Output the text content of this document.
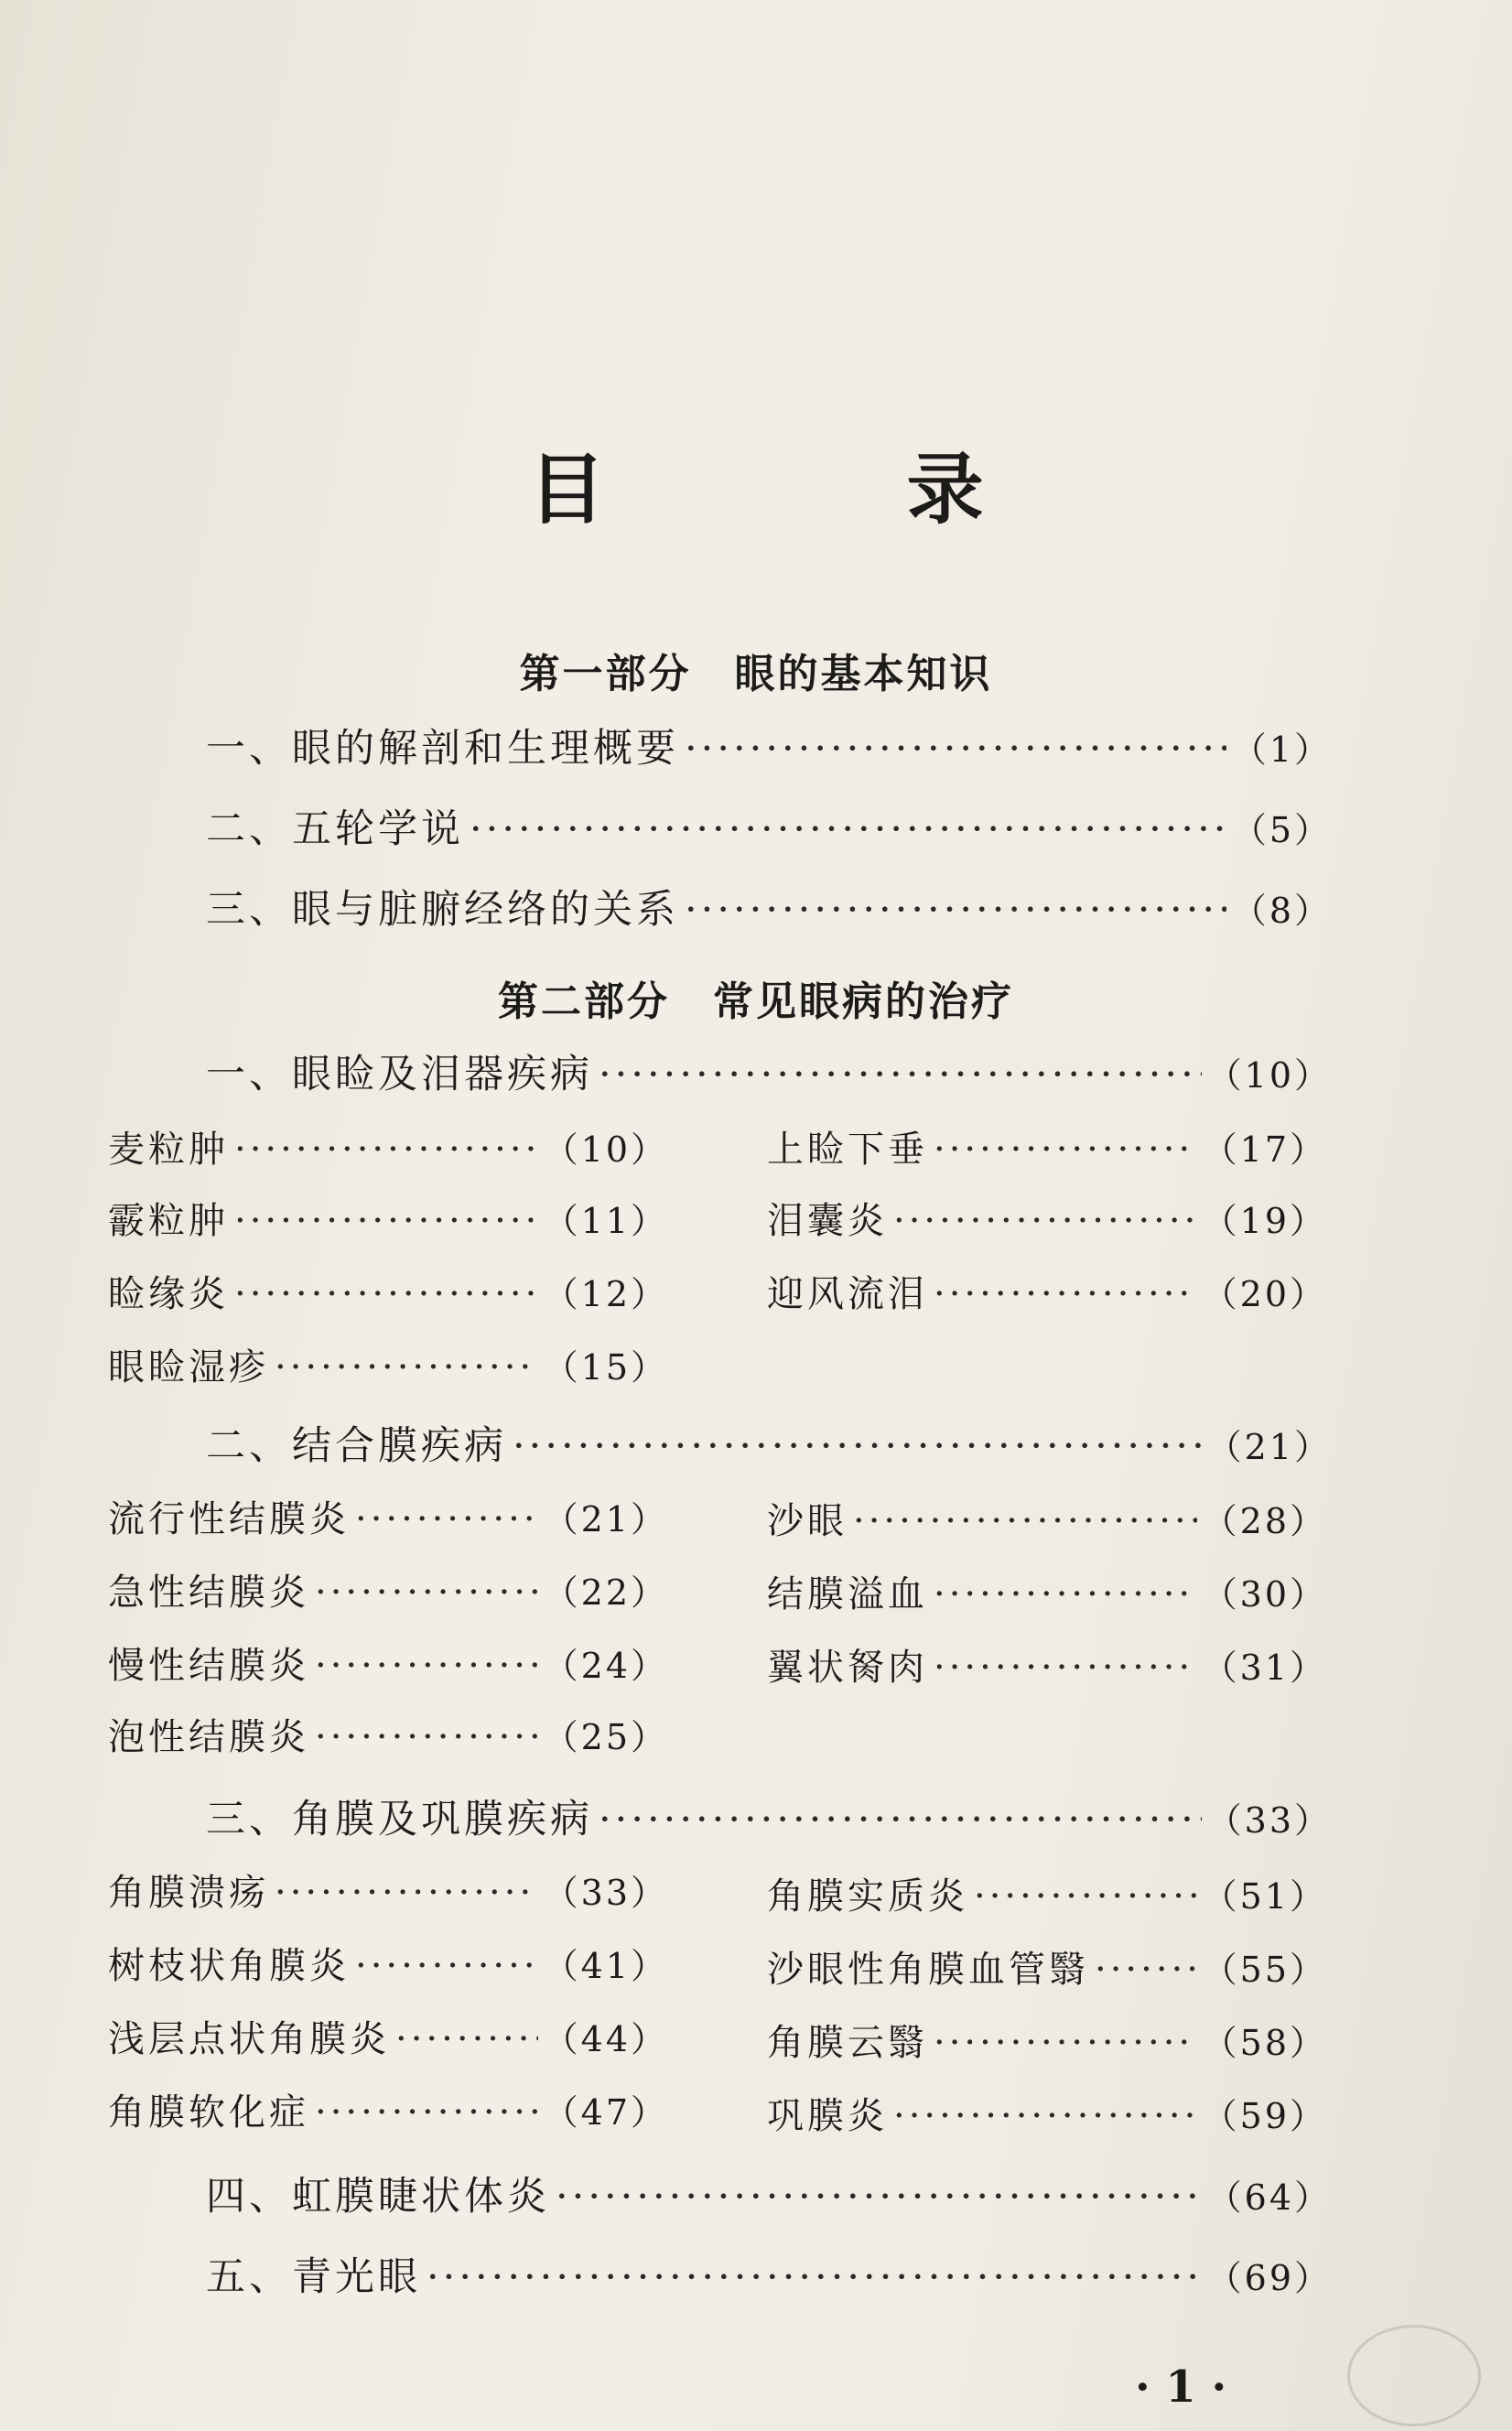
目 录
第一部分　眼的基本知识
一、眼的解剖和生理概要 ·····	（1）
二、五轮学说 ·····	（5）
三、眼与脏腑经络的关系 ·····	（8）
第二部分　常见眼病的治疗
一、眼睑及泪器疾病 ·····	（10）
麦粒肿 ·····	（10）
霰粒肿 ·····	（11）
睑缘炎 ·····	（12）
眼睑湿疹 ·····	（15）
上睑下垂 ·····	（17）
泪囊炎 ·····	（19）
迎风流泪 ·····	（20）
二、结合膜疾病 ·····	（21）
流行性结膜炎 ·····	（21）
急性结膜炎 ·····	（22）
慢性结膜炎 ·····	（24）
泡性结膜炎 ·····	（25）
沙眼 ·····	（28）
结膜溢血 ·····	（30）
翼状胬肉 ·····	（31）
三、角膜及巩膜疾病 ·····	（33）
角膜溃疡 ·····	（33）
树枝状角膜炎 ·····	（41）
浅层点状角膜炎 ·····	（44）
角膜软化症 ·····	（47）
角膜实质炎 ·····	（51）
沙眼性角膜血管翳 ·····	（55）
角膜云翳 ·····	（58）
巩膜炎 ·····	（59）
四、虹膜睫状体炎 ·····	（64）
五、青光眼 ·····	（69）
· 1 ·
